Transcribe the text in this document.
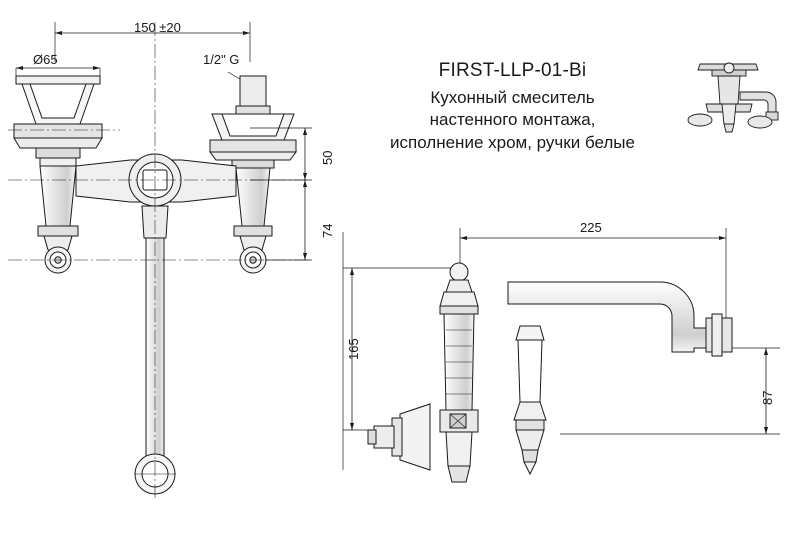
150 ±20
Ø65	1/2" G
50
74	225
165
87
FIRST-LLP-01-Bi
Кухонный смеситель
настенного монтажа,
исполнение хром, ручки белые
